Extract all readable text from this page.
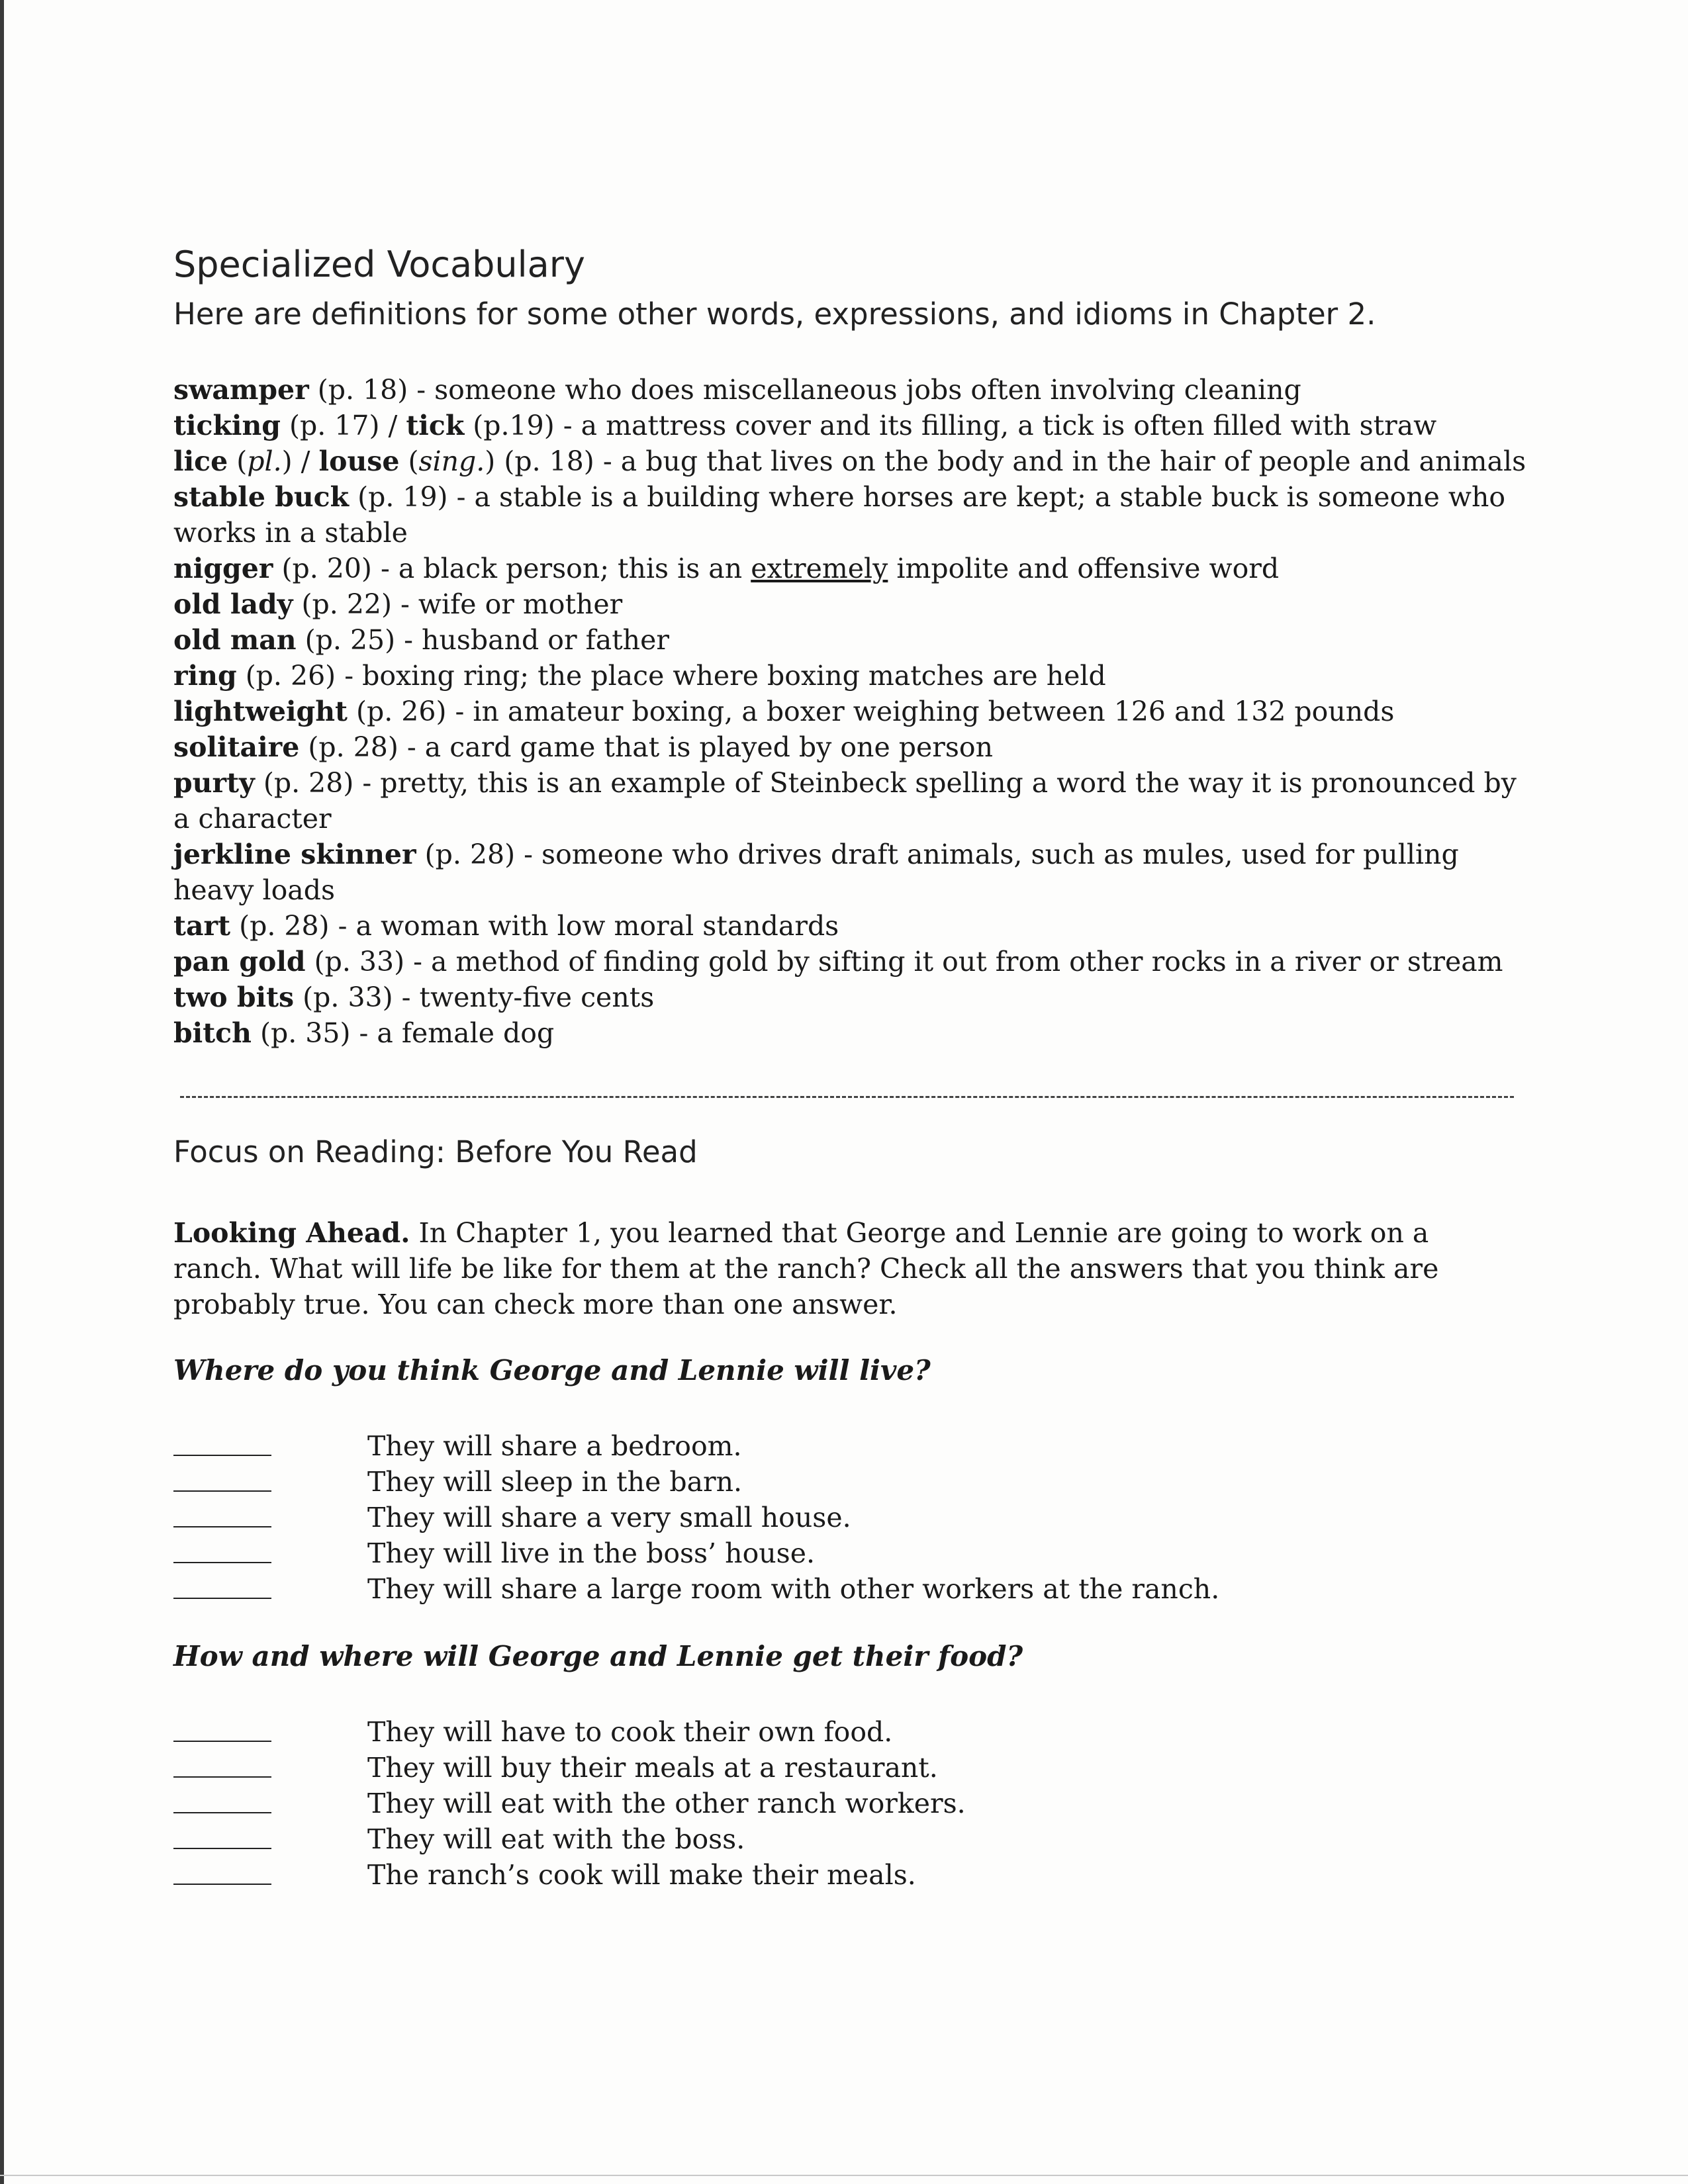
Specialized Vocabulary
Here are definitions for some other words, expressions, and idioms in Chapter 2.

swamper (p. 18) - someone who does miscellaneous jobs often involving cleaning

ticking (p. 17) / tick (p.19) - a mattress cover and its filling, a tick is often filled with straw

lice (pl.) / louse (sing.) (p. 18) - a bug that lives on the body and in the hair of people and animals

stable buck (p. 19) - a stable is a building where horses are kept; a stable buck is someone who works in a stable

nigger (p. 20) - a black person; this is an extremely impolite and offensive word

old lady (p. 22) - wife or mother

old man (p. 25) - husband or father

ring (p. 26) - boxing ring; the place where boxing matches are held

lightweight (p. 26) - in amateur boxing, a boxer weighing between 126 and 132 pounds

solitaire (p. 28) - a card game that is played by one person

purty (p. 28) - pretty, this is an example of Steinbeck spelling a word the way it is pronounced by a character

jerkline skinner (p. 28) - someone who drives draft animals, such as mules, used for pulling heavy loads

tart (p. 28) - a woman with low moral standards

pan gold (p. 33) - a method of finding gold by sifting it out from other rocks in a river or stream

two bits (p. 33) - twenty-five cents

bitch (p. 35) - a female dog

Focus on Reading: Before You Read

Looking Ahead. In Chapter 1, you learned that George and Lennie are going to work on a ranch. What will life be like for them at the ranch? Check all the answers that you think are probably true. You can check more than one answer.

Where do you think George and Lennie will live?
They will share a bedroom.
They will sleep in the barn.
They will share a very small house.
They will live in the boss’ house.
They will share a large room with other workers at the ranch.
How and where will George and Lennie get their food?
They will have to cook their own food.
They will buy their meals at a restaurant.
They will eat with the other ranch workers.
They will eat with the boss.
The ranch’s cook will make their meals.
